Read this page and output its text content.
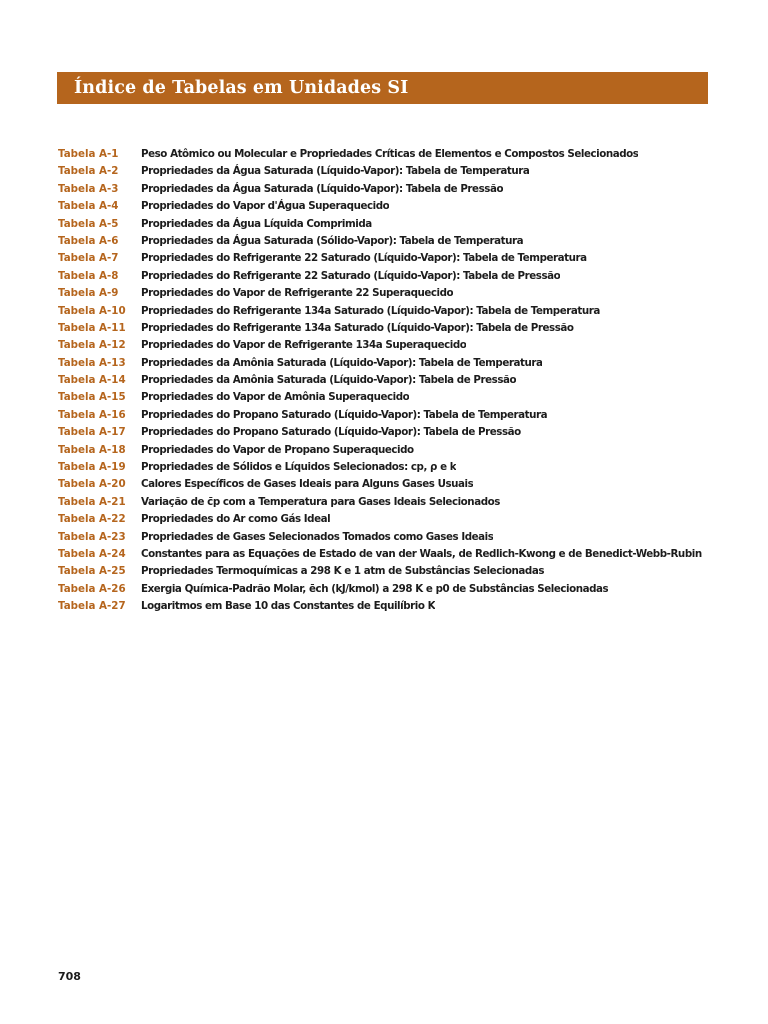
Índice de Tabelas em Unidades SI
Tabela A-1	Peso Atômico ou Molecular e Propriedades Críticas de Elementos e Compostos Selecionados
Tabela A-2	Propriedades da Água Saturada (Líquido-Vapor): Tabela de Temperatura
Tabela A-3	Propriedades da Água Saturada (Líquido-Vapor): Tabela de Pressão
Tabela A-4	Propriedades do Vapor d'Água Superaquecido
Tabela A-5	Propriedades da Água Líquida Comprimida
Tabela A-6	Propriedades da Água Saturada (Sólido-Vapor): Tabela de Temperatura
Tabela A-7	Propriedades do Refrigerante 22 Saturado (Líquido-Vapor): Tabela de Temperatura
Tabela A-8	Propriedades do Refrigerante 22 Saturado (Líquido-Vapor): Tabela de Pressão
Tabela A-9	Propriedades do Vapor de Refrigerante 22 Superaquecido
Tabela A-10	Propriedades do Refrigerante 134a Saturado (Líquido-Vapor): Tabela de Temperatura
Tabela A-11	Propriedades do Refrigerante 134a Saturado (Líquido-Vapor): Tabela de Pressão
Tabela A-12	Propriedades do Vapor de Refrigerante 134a Superaquecido
Tabela A-13	Propriedades da Amônia Saturada (Líquido-Vapor): Tabela de Temperatura
Tabela A-14	Propriedades da Amônia Saturada (Líquido-Vapor): Tabela de Pressão
Tabela A-15	Propriedades do Vapor de Amônia Superaquecido
Tabela A-16	Propriedades do Propano Saturado (Líquido-Vapor): Tabela de Temperatura
Tabela A-17	Propriedades do Propano Saturado (Líquido-Vapor): Tabela de Pressão
Tabela A-18	Propriedades do Vapor de Propano Superaquecido
Tabela A-19	Propriedades de Sólidos e Líquidos Selecionados: cp, ρ e k
Tabela A-20	Calores Específicos de Gases Ideais para Alguns Gases Usuais
Tabela A-21	Variação de c̄p com a Temperatura para Gases Ideais Selecionados
Tabela A-22	Propriedades do Ar como Gás Ideal
Tabela A-23	Propriedades de Gases Selecionados Tomados como Gases Ideais
Tabela A-24	Constantes para as Equações de Estado de van der Waals, de Redlich-Kwong e de Benedict-Webb-Rubin
Tabela A-25	Propriedades Termoquímicas a 298 K e 1 atm de Substâncias Selecionadas
Tabela A-26	Exergia Química-Padrão Molar, ēch (kJ/kmol) a 298 K e p0 de Substâncias Selecionadas
Tabela A-27	Logaritmos em Base 10 das Constantes de Equilíbrio K
708
